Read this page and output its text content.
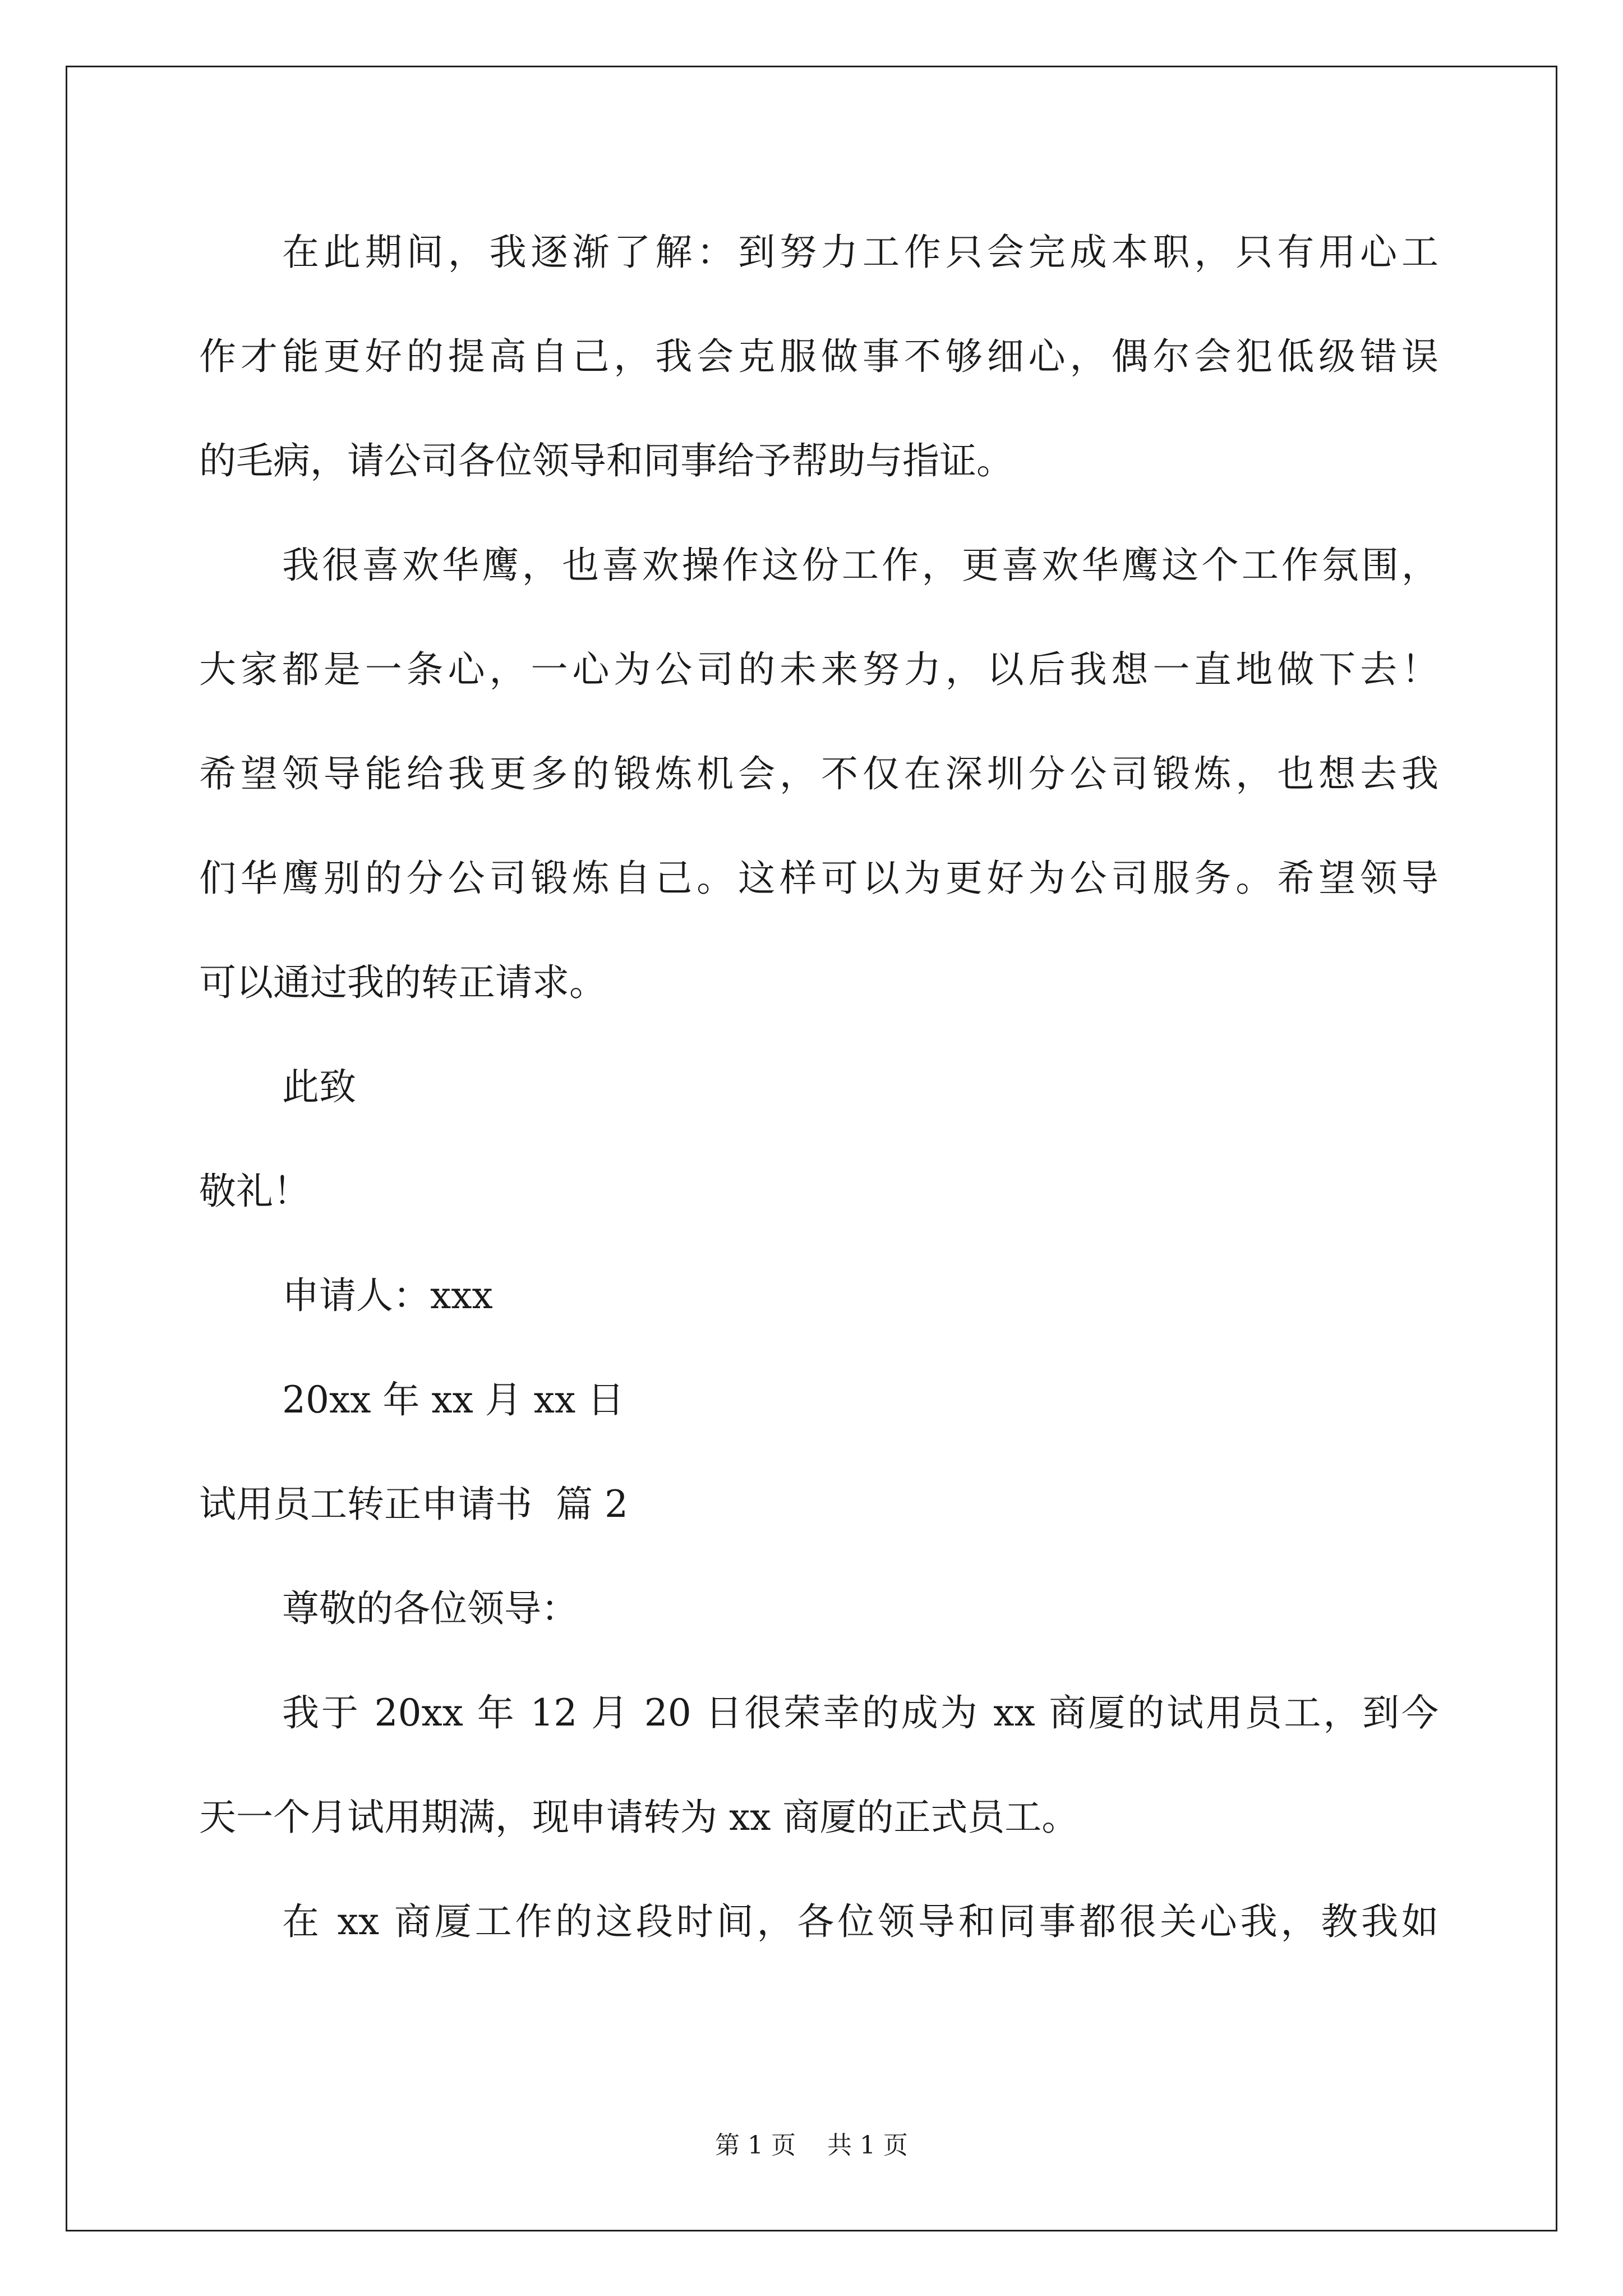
在此期间，我逐渐了解：到努力工作只会完成本职，只有用心工
作才能更好的提高自己，我会克服做事不够细心，偶尔会犯低级错误
的毛病，请公司各位领导和同事给予帮助与指证。
我很喜欢华鹰，也喜欢操作这份工作，更喜欢华鹰这个工作氛围，
大家都是一条心，一心为公司的未来努力，以后我想一直地做下去！
希望领导能给我更多的锻炼机会，不仅在深圳分公司锻炼，也想去我
们华鹰别的分公司锻炼自己。这样可以为更好为公司服务。希望领导
可以通过我的转正请求。
此致
敬礼！
申请人：xxx
20xx 年 xx 月 xx 日
试用员工转正申请书  篇 2
尊敬的各位领导：
我于 20xx 年 12 月 20 日很荣幸的成为 xx 商厦的试用员工，到今
天一个月试用期满，现申请转为 xx 商厦的正式员工。
在 xx 商厦工作的这段时间，各位领导和同事都很关心我，教我如
第 1 页    共 1 页
